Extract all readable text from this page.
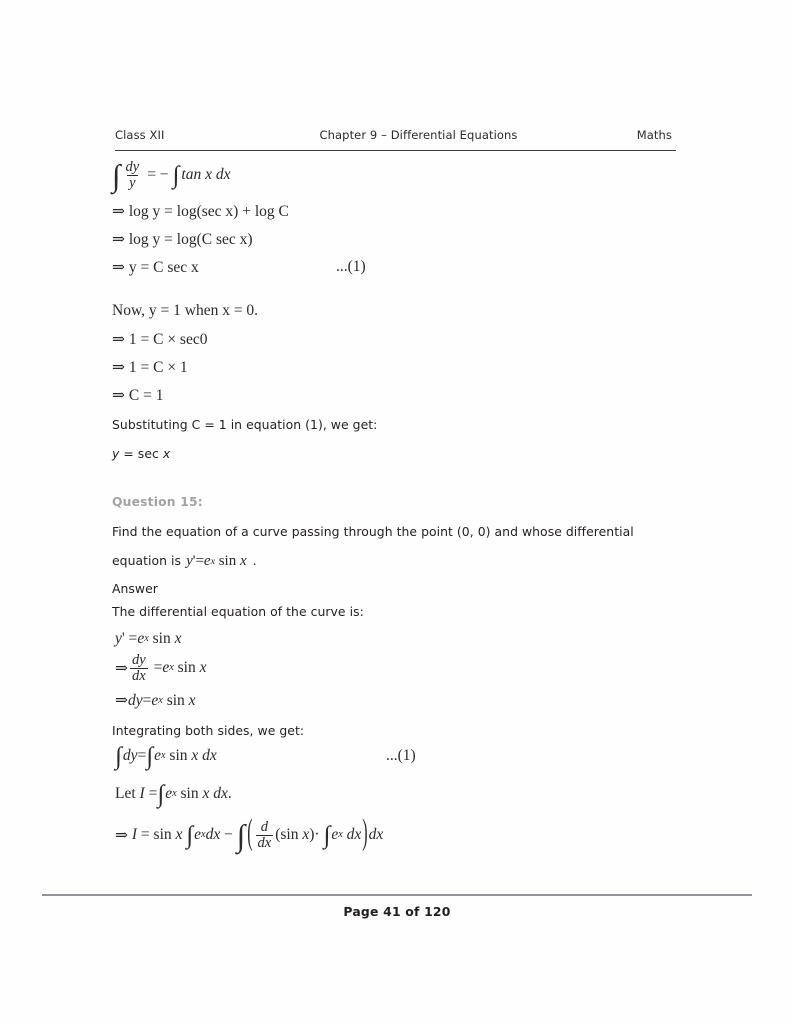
Class XII	Chapter 9 – Differential Equations	Maths
∫ $\frac{dy}{y}$ = − ∫ tan x dx
⇒ log y = log(sec x) + log C
⇒ log y = log(C sec x)
⇒ y = C sec x	...(1)
Now, y = 1 when x = 0.
⇒ 1 = C × sec0
⇒ 1 = C × 1
⇒ C = 1
Substituting C = 1 in equation (1), we get:
y = sec x
Question 15:
Find the equation of a curve passing through the point (0, 0) and whose differential
equation is y ' = e x sin x .
Answer
The differential equation of the curve is:
y ' = e x sin x
⇒ $\frac{dy}{dx} = e$ x sin x
⇒ dy = e x sin x
Integrating both sides, we get:
∫ dy = ∫ e x sin x dx	...(1)
Let I = ∫ e x sin x dx .
⇒ I = sin x
∫ e x dx − ∫ ( $\frac{d}{dx} (\sin$ x )· ∫ e x dx ) dx
Page 41 of 120
